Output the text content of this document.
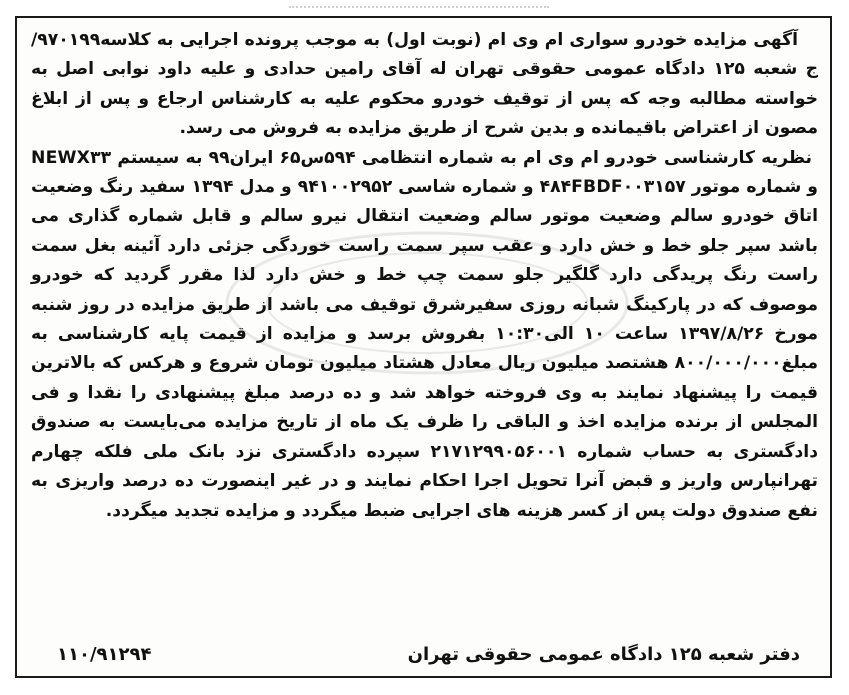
آگهی مزایده خودرو سواری ام وی ام (نوبت اول) به موجب پرونده اجرایی به کلاسه۹۷۰۱۹۹/ج شعبه ۱۲۵ دادگاه عمومی حقوقی تهران له آقای رامین حدادی و علیه داود نوابی اصل به خواسته مطالبه وجه که پس از توقیف خودرو محکوم علیه به کارشناس ارجاع و پس از ابلاغ مصون از اعتراض باقیمانده و بدین شرح از طریق مزایده به فروش می رسد.

نظریه کارشناسی خودرو ام وی ام به شماره انتظامی ۵۹۴س۶۵ ایران۹۹ به سیستم NEWX۳۳ و شماره موتور ۴۸۴FBDF۰۰۳۱۵۷ و شماره شاسی ۹۴۱۰۰۲۹۵۲ و مدل ۱۳۹۴ سفید رنگ وضعیت اتاق خودرو سالم وضعیت موتور سالم وضعیت انتقال نیرو سالم و قابل شماره گذاری می باشد سپر جلو خط و خش دارد و عقب سپر سمت راست خوردگی جزئی دارد آئینه بغل سمت راست رنگ پریدگی دارد گلگیر جلو سمت چپ خط و خش دارد لذا مقرر گردید که خودرو موصوف که در پارکینگ شبانه روزی سفیرشرق توقیف می باشد از طریق مزایده در روز شنبه مورخ ۱۳۹۷/۸/۲۶ ساعت ۱۰ الی۱۰:۳۰ بفروش برسد و مزایده از قیمت پایه کارشناسی به مبلغ۸۰۰/۰۰۰/۰۰۰ هشتصد میلیون ریال معادل هشتاد میلیون تومان شروع و هرکس که بالاترین قیمت را پیشنهاد نمایند به وی فروخته خواهد شد و ده درصد مبلغ پیشنهادی را نقدا و فی المجلس از برنده مزایده اخذ و الباقی را ظرف یک ماه از تاریخ مزایده می‌بایست به صندوق دادگستری به حساب شماره ۲۱۷۱۲۹۹۰۵۶۰۰۱ سپرده دادگستری نزد بانک ملی فلکه چهارم تهرانپارس واریز و قبض آنرا تحویل اجرا احکام نمایند و در غیر اینصورت ده درصد واریزی به نفع صندوق دولت پس از کسر هزینه های اجرایی ضبط میگردد و مزایده تجدید میگردد.

دفتر شعبه ۱۲۵ دادگاه عمومی حقوقی تهران
۱۱۰/۹۱۲۹۴
